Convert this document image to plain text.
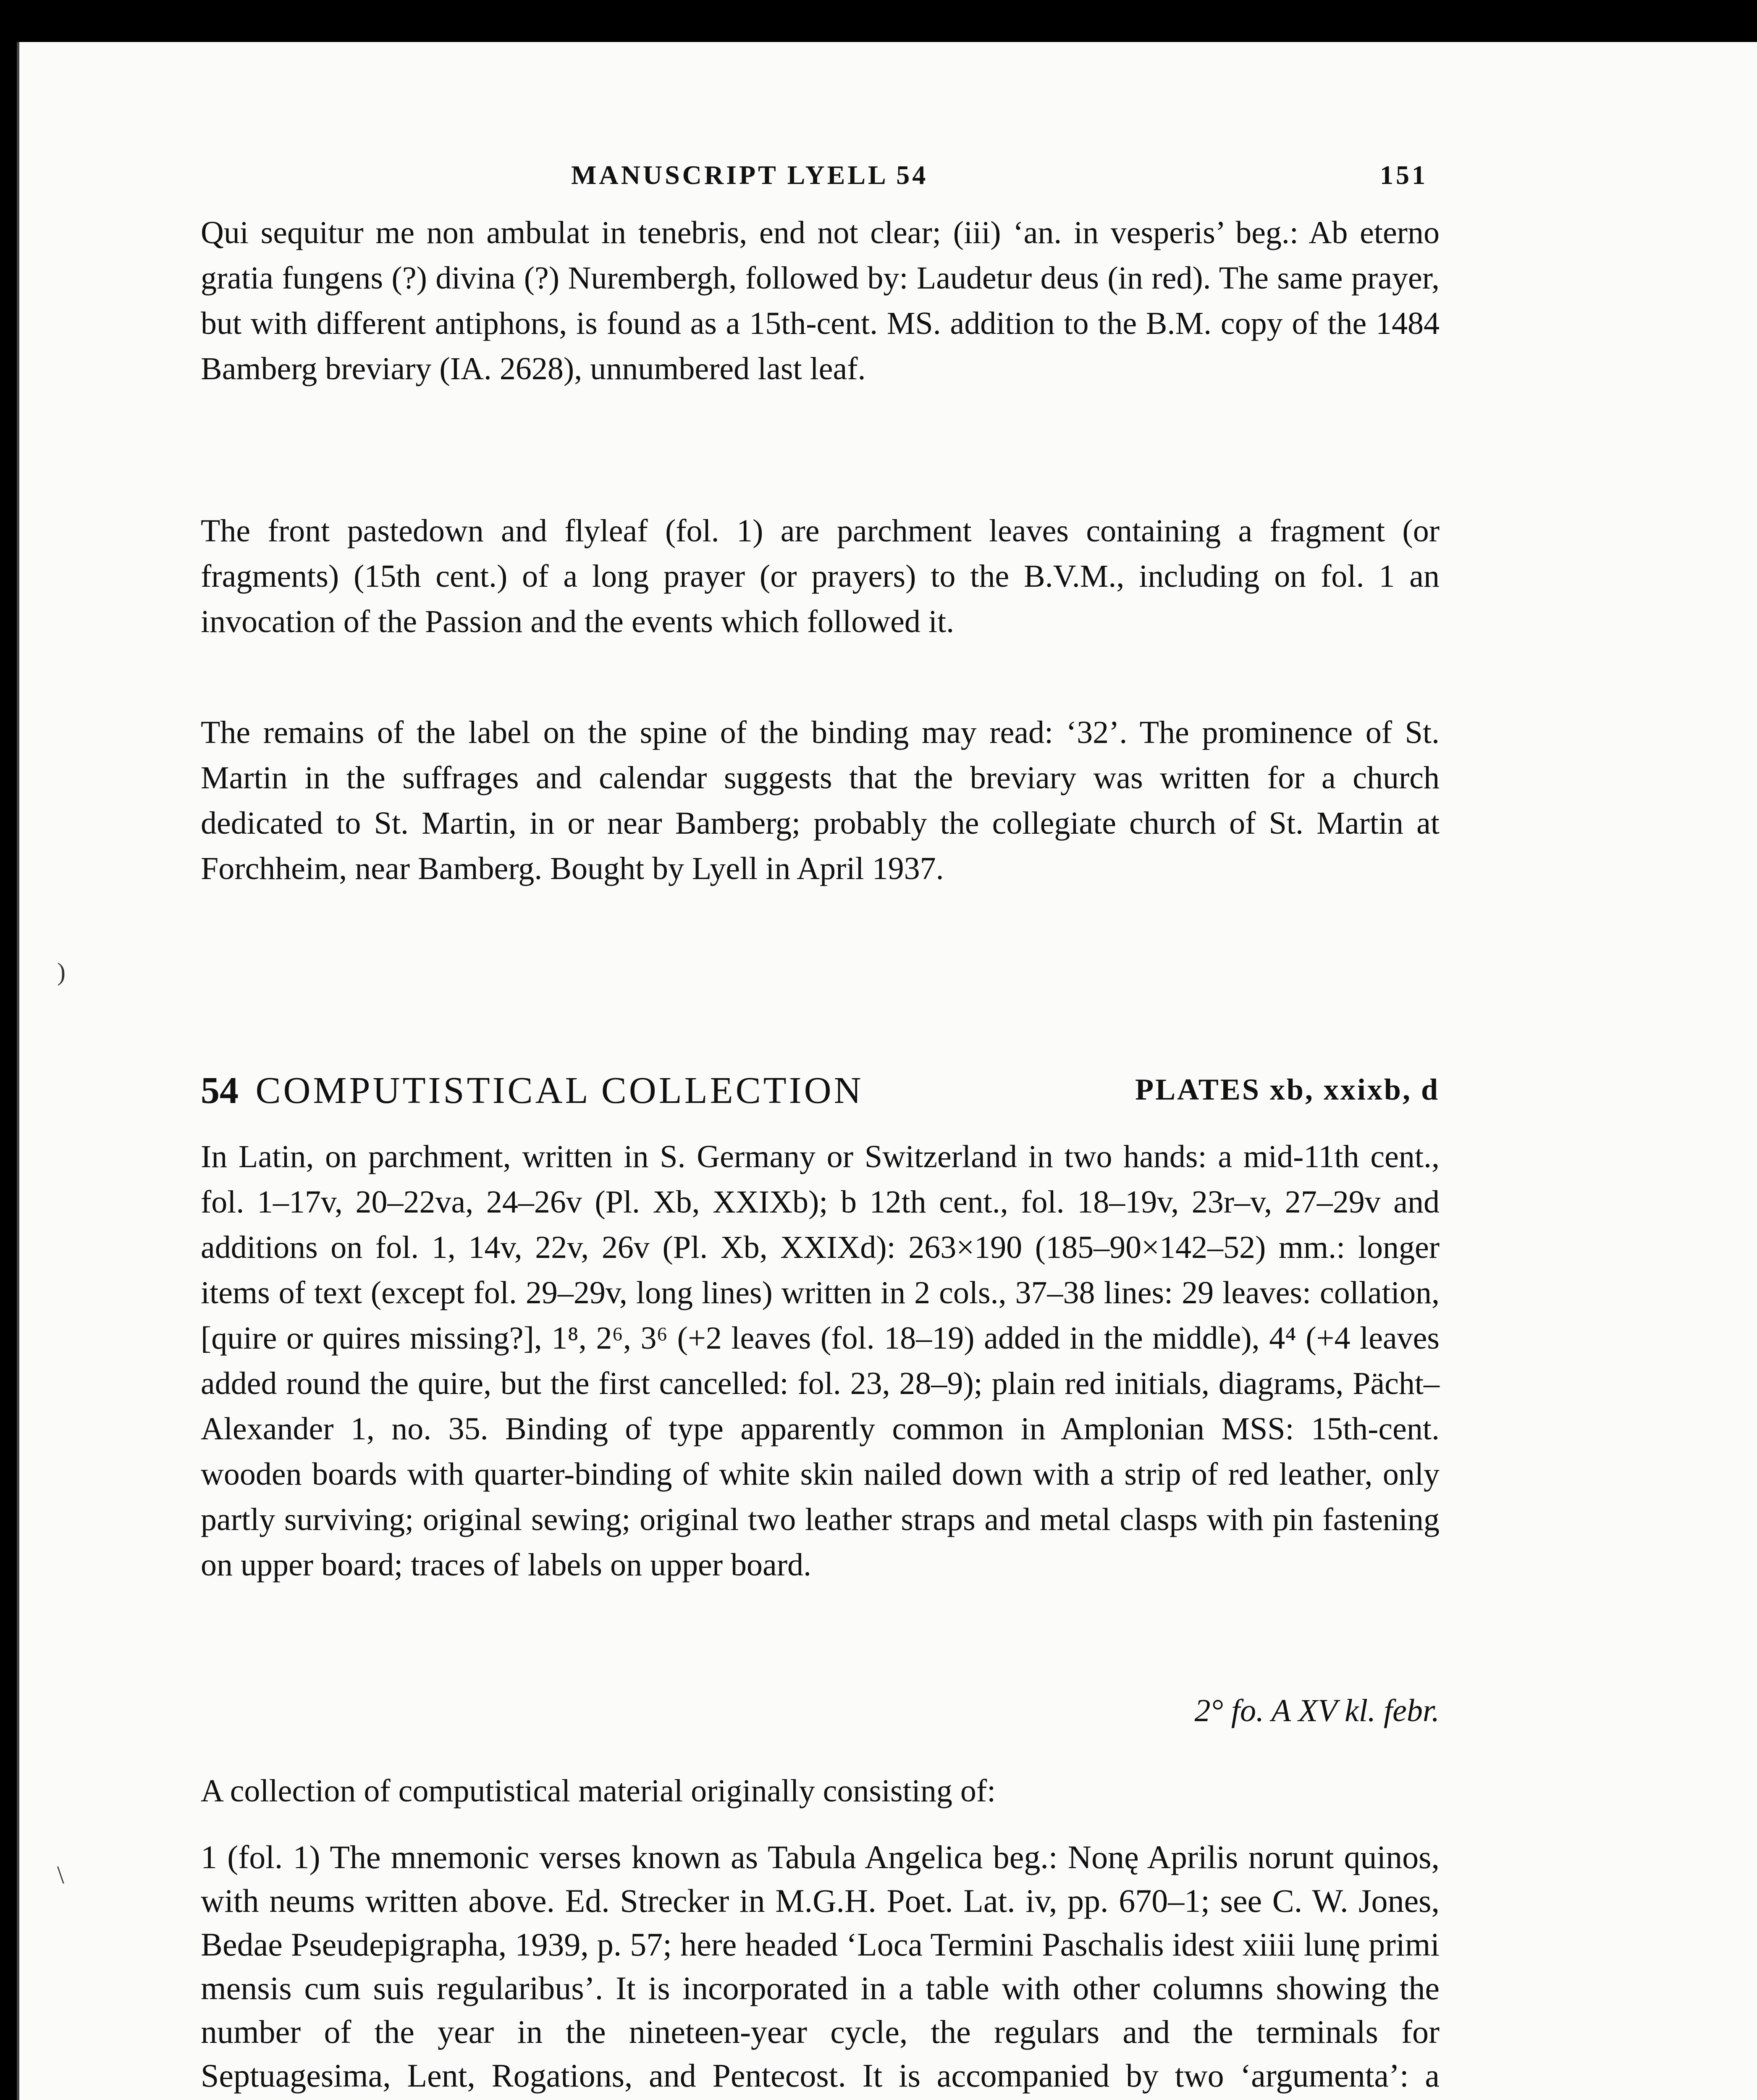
)
\
MANUSCRIPT LYELL 54	151

Qui sequitur me non ambulat in tenebris, end not clear; (iii) ‘an. in vesperis’ beg.: Ab eterno gratia fungens (?) divina (?) Nurembergh, followed by: Laudetur deus (in red). The same prayer, but with different antiphons, is found as a 15th-cent. MS. addition to the B.M. copy of the 1484 Bamberg breviary (IA. 2628), unnumbered last leaf.

The front pastedown and flyleaf (fol. 1) are parchment leaves containing a fragment (or fragments) (15th cent.) of a long prayer (or prayers) to the B.V.M., including on fol. 1 an invocation of the Passion and the events which followed it.

The remains of the label on the spine of the binding may read: ‘32’. The prominence of St. Martin in the suffrages and calendar suggests that the breviary was written for a church dedicated to St. Martin, in or near Bamberg; probably the collegiate church of St. Martin at Forchheim, near Bamberg. Bought by Lyell in April 1937.

54 COMPUTISTICAL COLLECTION	PLATES xb, xxixb, d

In Latin, on parchment, written in S. Germany or Switzerland in two hands: a mid-11th cent., fol. 1–17v, 20–22va, 24–26v (Pl. Xb, XXIXb); b 12th cent., fol. 18–19v, 23r–v, 27–29v and additions on fol. 1, 14v, 22v, 26v (Pl. Xb, XXIXd): 263×190 (185–90×142–52) mm.: longer items of text (except fol. 29–29v, long lines) written in 2 cols., 37–38 lines: 29 leaves: collation, [quire or quires missing?], 1⁸, 2⁶, 3⁶ (+2 leaves (fol. 18–19) added in the middle), 4⁴ (+4 leaves added round the quire, but the first cancelled: fol. 23, 28–9); plain red initials, diagrams, Pächt–Alexander 1, no. 35. Binding of type apparently common in Amplonian MSS: 15th-cent. wooden boards with quarter-binding of white skin nailed down with a strip of red leather, only partly surviving; original sewing; original two leather straps and metal clasps with pin fastening on upper board; traces of labels on upper board.

2° fo. A XV kl. febr.

A collection of computistical material originally consisting of:

1 (fol. 1) The mnemonic verses known as Tabula Angelica beg.: Nonę Aprilis norunt quinos, with neums written above. Ed. Strecker in M.G.H. Poet. Lat. iv, pp. 670–1; see C. W. Jones, Bedae Pseudepigrapha, 1939, p. 57; here headed ‘Loca Termini Paschalis idest xiiii lunę primi mensis cum suis regularibus’. It is incorporated in a table with other columns showing the number of the year in the nineteen-year cycle, the regulars and the terminals for Septuagesima, Lent, Rogations, and Pentecost. It is accompanied by two ‘argumenta’: a
